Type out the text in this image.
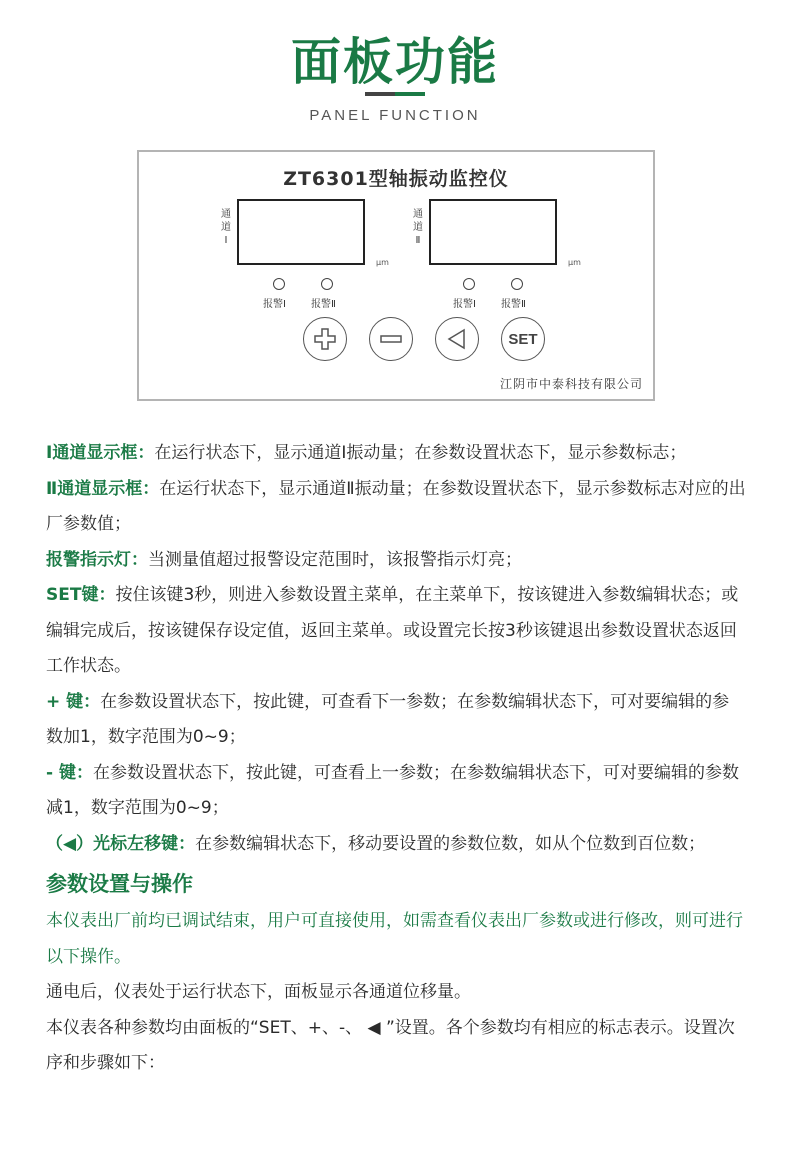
面板功能
PANEL FUNCTION
ZT6301型轴振动监控仪
通
道
Ⅰ
μm
通
道
Ⅱ
μm
报警Ⅰ	报警Ⅱ	报警Ⅰ	报警Ⅱ
SET
江阴市中泰科技有限公司

Ⅰ通道显示框：在运行状态下，显示通道Ⅰ振动量；在参数设置状态下，显示参数标志；

Ⅱ通道显示框：在运行状态下，显示通道Ⅱ振动量；在参数设置状态下，显示参数标志对应的出厂参数值；

报警指示灯：当测量值超过报警设定范围时，该报警指示灯亮；

SET键：按住该键3秒，则进入参数设置主菜单，在主菜单下，按该键进入参数编辑状态；或编辑完成后，按该键保存设定值，返回主菜单。或设置完长按3秒该键退出参数设置状态返回工作状态。

+ 键：在参数设置状态下，按此键，可查看下一参数；在参数编辑状态下，可对要编辑的参数加1，数字范围为0~9；

- 键：在参数设置状态下，按此键，可查看上一参数；在参数编辑状态下，可对要编辑的参数减1，数字范围为0~9；

（◀）光标左移键：在参数编辑状态下，移动要设置的参数位数，如从个位数到百位数；

参数设置与操作

本仪表出厂前均已调试结束，用户可直接使用，如需查看仪表出厂参数或进行修改，则可进行以下操作。

通电后，仪表处于运行状态下，面板显示各通道位移量。

本仪表各种参数均由面板的“SET、+、-、 ◀ ”设置。各个参数均有相应的标志表示。设置次序和步骤如下：
